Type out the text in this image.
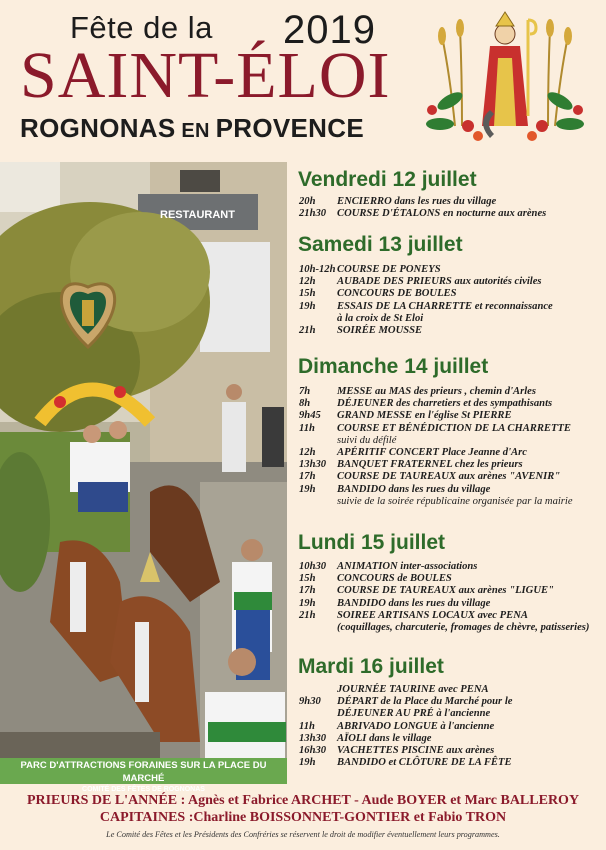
Fête de la 2019
SAINT-ÉLOI
ROGNONAS EN PROVENCE
RESTAURANT
PARC D'ATTRACTIONS FORAINES SUR LA PLACE DU MARCHÉ
COMITÉ DES FÊTES DE ROGNONAS
Vendredi 12 juillet
20h	ENCIERRO dans les rues du village
21h30	COURSE D'ÉTALONS en nocturne aux arènes
Samedi 13 juillet
10h-12h COURSE DE PONEYS
12h	AUBADE DES PRIEURS aux autorités civiles
15h	CONCOURS DE BOULES
19h	ESSAIS DE LA CHARRETTE et reconnaissance
à la croix de St Eloi
21h	SOIRÉE MOUSSE
Dimanche 14 juillet
7h	MESSE au MAS des prieurs , chemin d'Arles
8h	DÉJEUNER des charretiers et des sympathisants
9h45	GRAND MESSE en l'église St PIERRE
11h	COURSE ET BÉNÉDICTION DE LA CHARRETTE
suivi du défilé
12h	APÉRITIF CONCERT Place Jeanne d'Arc
13h30	BANQUET FRATERNEL chez les prieurs
17h	COURSE DE TAUREAUX aux arènes "AVENIR"
19h	BANDIDO dans les rues du village
suivie de la soirée républicaine organisée par la mairie
Lundi 15 juillet
10h30	ANIMATION inter-associations
15h	CONCOURS de BOULES
17h	COURSE DE TAUREAUX aux arènes "LIGUE"
19h	BANDIDO dans les rues du village
21h	SOIREE ARTISANS LOCAUX avec PENA
(coquillages, charcuterie, fromages de chèvre, patisseries)
Mardi 16 juillet
JOURNÉE TAURINE avec PENA
9h30	DÉPART de la Place du Marché pour le
DÉJEUNER AU PRÉ à l'ancienne
11h	ABRIVADO LONGUE à l'ancienne
13h30	AÏOLI dans le village
16h30	VACHETTES PISCINE aux arènes
19h	BANDIDO et CLÔTURE DE LA FÊTE
PRIEURS DE L'ANNÉE : Agnès et Fabrice ARCHET - Aude BOYER et Marc BALLEROY
CAPITAINES :Charline BOISSONNET-GONTIER et Fabio TRON
Le Comité des Fêtes et les Présidents des Confréries se réservent le droit de modifier éventuellement leurs programmes.
